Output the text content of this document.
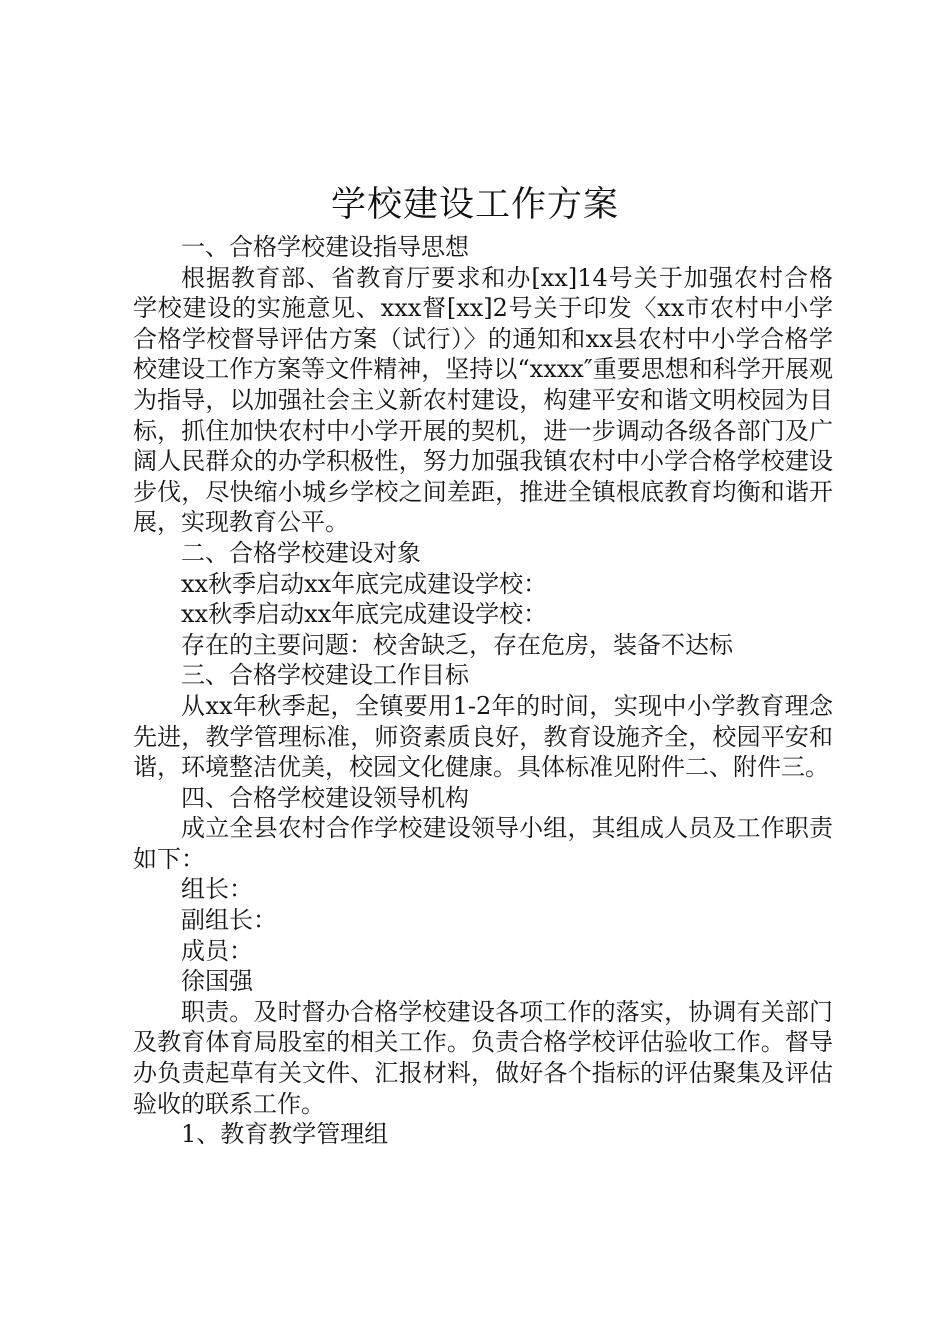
学校建设工作方案

一、合格学校建设指导思想

根据教育部、省教育厅要求和办[xx]14号关于加强农村合格学校建设的实施意见、xxx督[xx]2号关于印发〈xx市农村中小学合格学校督导评估方案（试行）〉的通知和xx县农村中小学合格学校建设工作方案等文件精神，坚持以“xxxx″重要思想和科学开展观为指导，以加强社会主义新农村建设，构建平安和谐文明校园为目标，抓住加快农村中小学开展的契机，进一步调动各级各部门及广阔人民群众的办学积极性，努力加强我镇农村中小学合格学校建设步伐，尽快缩小城乡学校之间差距，推进全镇根底教育均衡和谐开展，实现教育公平。

二、合格学校建设对象

xx秋季启动xx年底完成建设学校：

xx秋季启动xx年底完成建设学校：

存在的主要问题：校舍缺乏，存在危房，装备不达标

三、合格学校建设工作目标

从xx年秋季起，全镇要用1-2年的时间，实现中小学教育理念先进，教学管理标准，师资素质良好，教育设施齐全，校园平安和谐，环境整洁优美，校园文化健康。具体标准见附件二、附件三。

四、合格学校建设领导机构

成立全县农村合作学校建设领导小组，其组成人员及工作职责如下：

组长：

副组长：

成员：

徐国强

职责。及时督办合格学校建设各项工作的落实，协调有关部门及教育体育局股室的相关工作。负责合格学校评估验收工作。督导办负责起草有关文件、汇报材料，做好各个指标的评估聚集及评估验收的联系工作。

1、教育教学管理组
